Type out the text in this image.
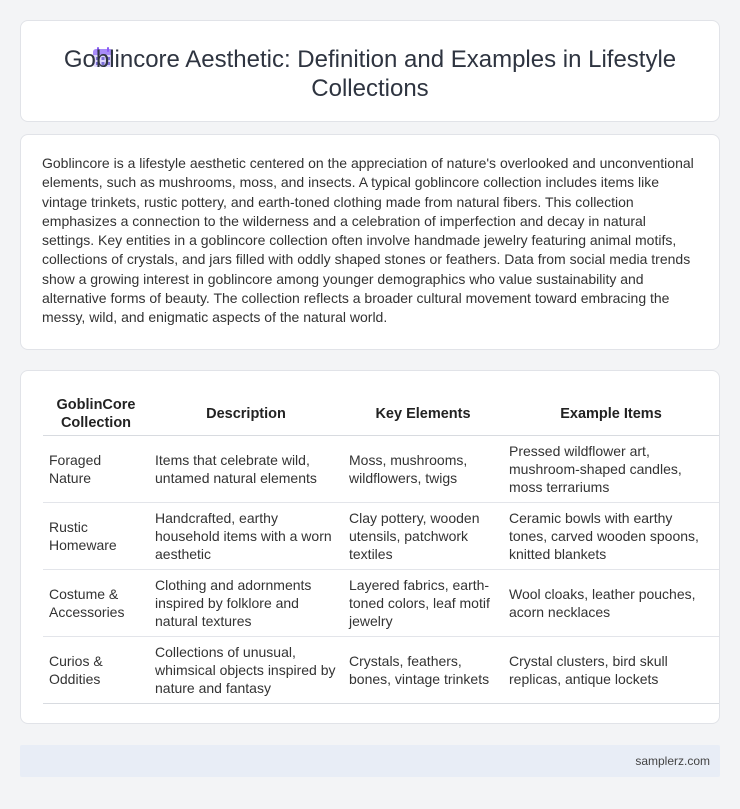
Goblincore Aesthetic: Definition and Examples in Lifestyle Collections

Goblincore is a lifestyle aesthetic centered on the appreciation of nature's overlooked and unconventional elements, such as mushrooms, moss, and insects. A typical goblincore collection includes items like vintage trinkets, rustic pottery, and earth-toned clothing made from natural fibers. This collection emphasizes a connection to the wilderness and a celebration of imperfection and decay in natural settings. Key entities in a goblincore collection often involve handmade jewelry featuring animal motifs, collections of crystals, and jars filled with oddly shaped stones or feathers. Data from social media trends show a growing interest in goblincore among younger demographics who value sustainability and alternative forms of beauty. The collection reflects a broader cultural movement toward embracing the messy, wild, and enigmatic aspects of the natural world.

GoblinCore Collection	Description	Key Elements	Example Items
Foraged Nature	Items that celebrate wild, untamed natural elements	Moss, mushrooms, wildflowers, twigs	Pressed wildflower art, mushroom-shaped candles, moss terrariums
Rustic Homeware	Handcrafted, earthy household items with a worn aesthetic	Clay pottery, wooden utensils, patchwork textiles	Ceramic bowls with earthy tones, carved wooden spoons, knitted blankets
Costume & Accessories	Clothing and adornments inspired by folklore and natural textures	Layered fabrics, earth-toned colors, leaf motif jewelry	Wool cloaks, leather pouches, acorn necklaces
Curios & Oddities	Collections of unusual, whimsical objects inspired by nature and fantasy	Crystals, feathers, bones, vintage trinkets	Crystal clusters, bird skull replicas, antique lockets
samplerz.com
